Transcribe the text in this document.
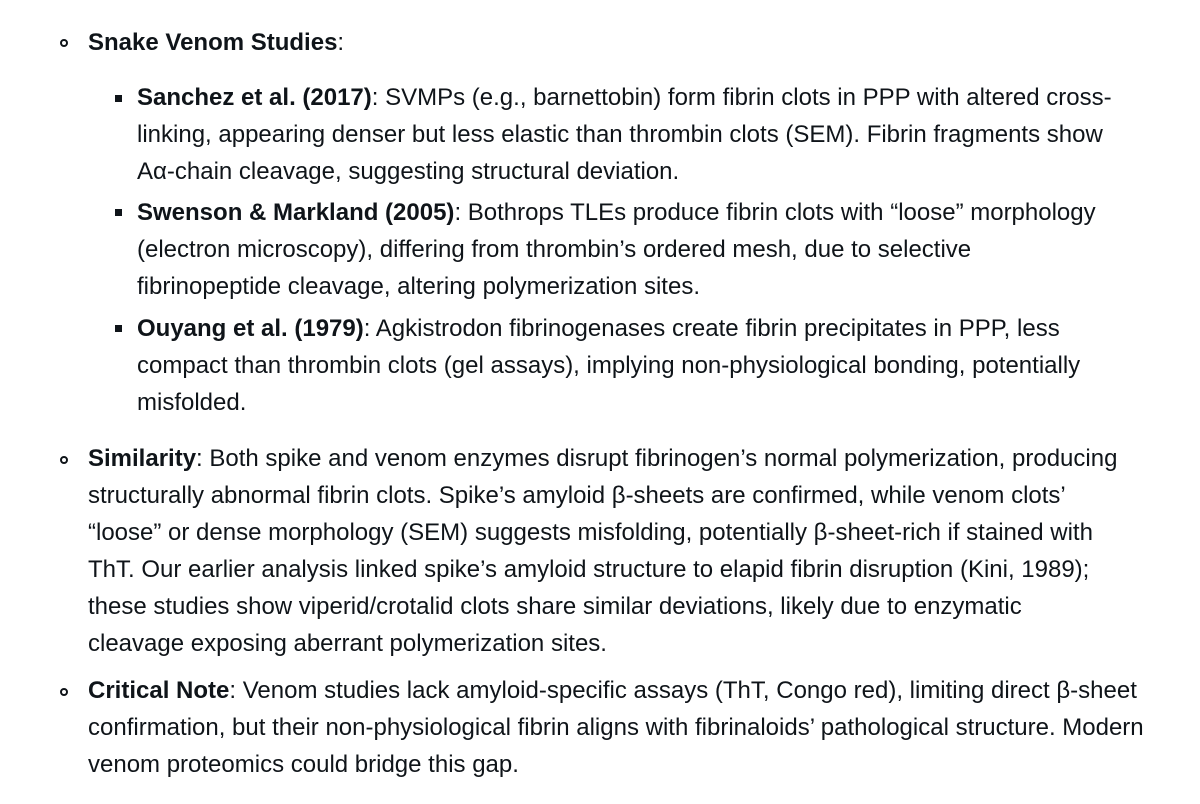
Snake Venom Studies:

Sanchez et al. (2017): SVMPs (e.g., barnettobin) form fibrin clots in PPP with altered cross-linking, appearing denser but less elastic than thrombin clots (SEM). Fibrin fragments show Aα-chain cleavage, suggesting structural deviation.

Swenson & Markland (2005): Bothrops TLEs produce fibrin clots with “loose” morphology (electron microscopy), differing from thrombin’s ordered mesh, due to selective fibrinopeptide cleavage, altering polymerization sites.

Ouyang et al. (1979): Agkistrodon fibrinogenases create fibrin precipitates in PPP, less compact than thrombin clots (gel assays), implying non-physiological bonding, potentially misfolded.

Similarity: Both spike and venom enzymes disrupt fibrinogen’s normal polymerization, producing structurally abnormal fibrin clots. Spike’s amyloid β-sheets are confirmed, while venom clots’ “loose” or dense morphology (SEM) suggests misfolding, potentially β-sheet-rich if stained with ThT. Our earlier analysis linked spike’s amyloid structure to elapid fibrin disruption (Kini, 1989); these studies show viperid/crotalid clots share similar deviations, likely due to enzymatic cleavage exposing aberrant polymerization sites.

Critical Note: Venom studies lack amyloid-specific assays (ThT, Congo red), limiting direct β-sheet confirmation, but their non-physiological fibrin aligns with fibrinaloids’ pathological structure. Modern venom proteomics could bridge this gap.
